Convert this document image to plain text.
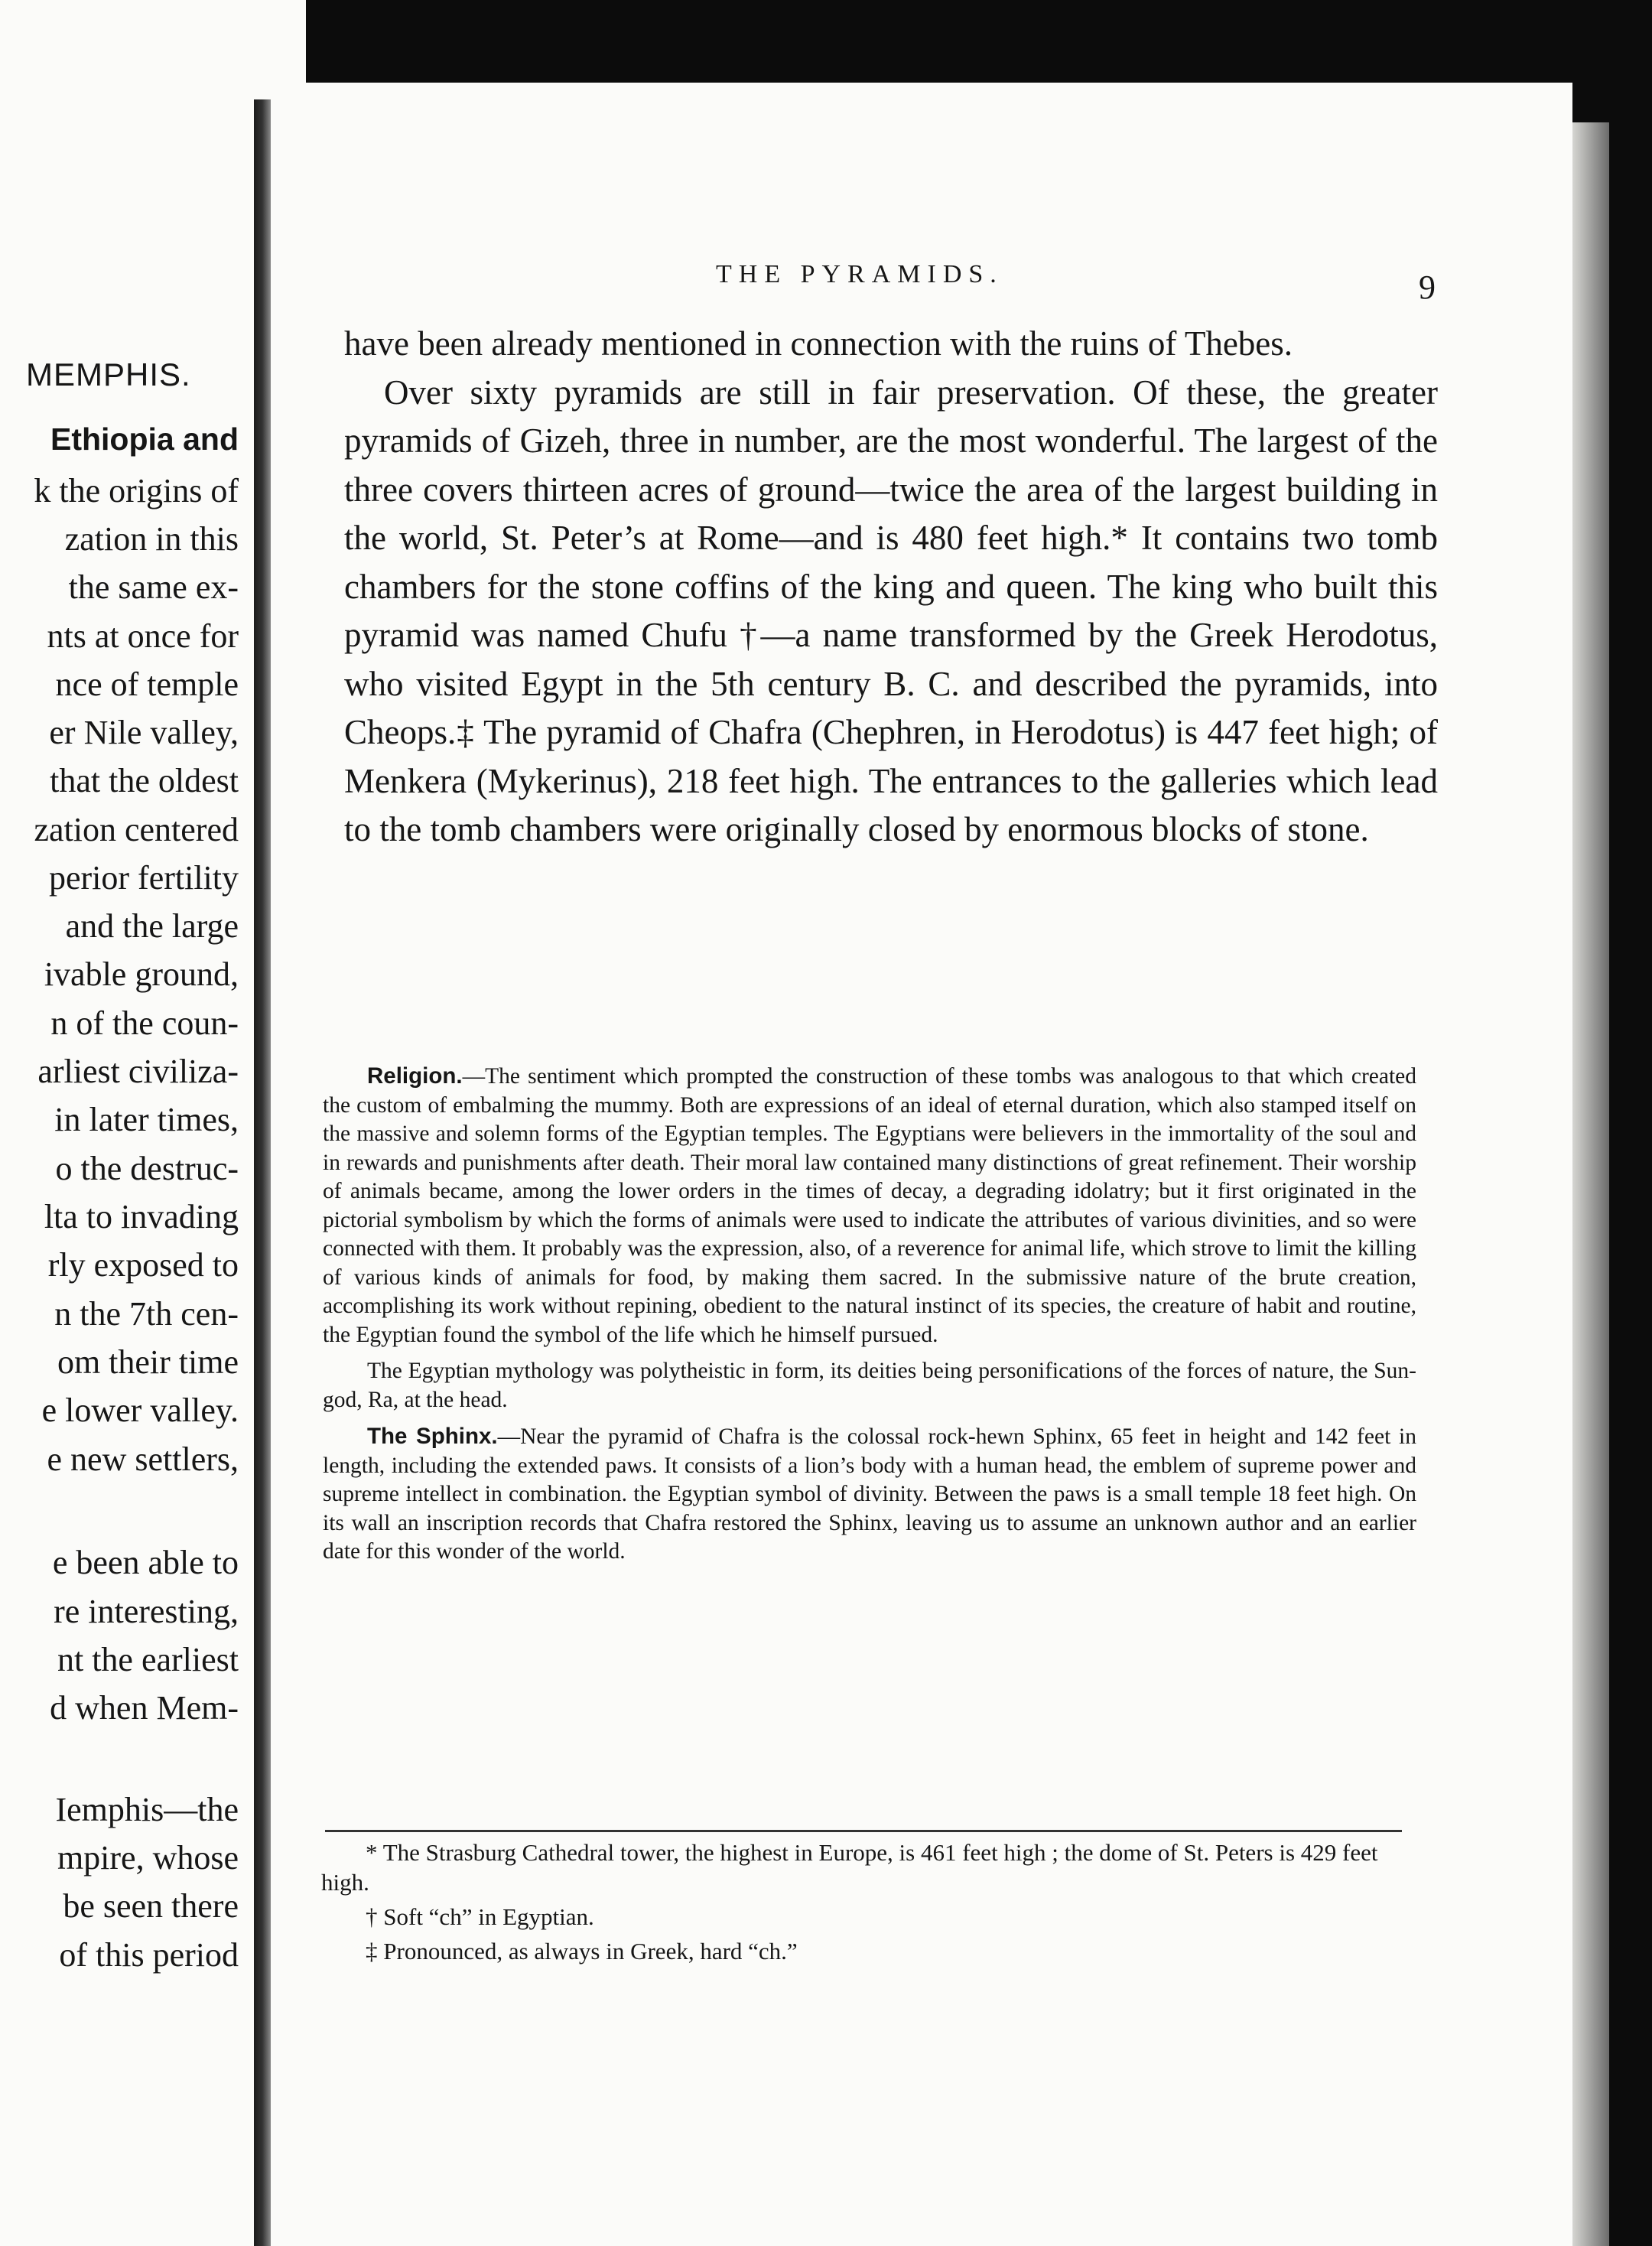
MEMPHIS.
Ethiopia and
k the origins of
zation in this
the same ex-
nts at once for
nce of temple
er Nile valley,
that the oldest
zation centered
perior fertility
and the large
ivable ground,
n of the coun-
arliest civiliza-
in later times,
o the destruc-
lta to invading
rly exposed to
n the 7th cen-
om their time
e lower valley.
e new settlers,
e been able to
re interesting,
nt the earliest
d when Mem-
Iemphis—the
mpire, whose
be seen there
of this period
THE PYRAMIDS.	9

have been already mentioned in connection with the ruins of Thebes.

Over sixty pyramids are still in fair preservation. Of these, the greater pyramids of Gizeh, three in number, are the most wonderful. The largest of the three covers thirteen acres of ground—twice the area of the largest building in the world, St. Peter’s at Rome—and is 480 feet high.* It contains two tomb chambers for the stone coffins of the king and queen. The king who built this pyramid was named Chufu †—a name transformed by the Greek Herodotus, who visited Egypt in the 5th century B. C. and described the pyramids, into Cheops.‡ The pyramid of Chafra (Chephren, in Herodotus) is 447 feet high; of Menkera (Mykerinus), 218 feet high. The entrances to the galleries which lead to the tomb chambers were originally closed by enormous blocks of stone.

Religion.—The sentiment which prompted the construction of these tombs was analogous to that which created the custom of embalming the mummy. Both are expressions of an ideal of eternal duration, which also stamped itself on the massive and solemn forms of the Egyptian temples. The Egyptians were believers in the immortality of the soul and in rewards and punishments after death. Their moral law contained many distinctions of great refinement. Their worship of animals became, among the lower orders in the times of decay, a degrading idolatry; but it first originated in the pictorial symbolism by which the forms of animals were used to indicate the attributes of various divinities, and so were connected with them. It probably was the expression, also, of a reverence for animal life, which strove to limit the killing of various kinds of animals for food, by making them sacred. In the submissive nature of the brute creation, accomplishing its work without repining, obedient to the natural instinct of its species, the creature of habit and routine, the Egyptian found the symbol of the life which he himself pursued.

The Egyptian mythology was polytheistic in form, its deities being personifications of the forces of nature, the Sun-god, Ra, at the head.

The Sphinx.—Near the pyramid of Chafra is the colossal rock-hewn Sphinx, 65 feet in height and 142 feet in length, including the extended paws. It consists of a lion’s body with a human head, the emblem of supreme power and supreme intellect in combination. the Egyptian symbol of divinity. Between the paws is a small temple 18 feet high. On its wall an inscription records that Chafra restored the Sphinx, leaving us to assume an unknown author and an earlier date for this wonder of the world.

* The Strasburg Cathedral tower, the highest in Europe, is 461 feet high ; the dome of St. Peters is 429 feet high.

† Soft “ch” in Egyptian.

‡ Pronounced, as always in Greek, hard “ch.”
